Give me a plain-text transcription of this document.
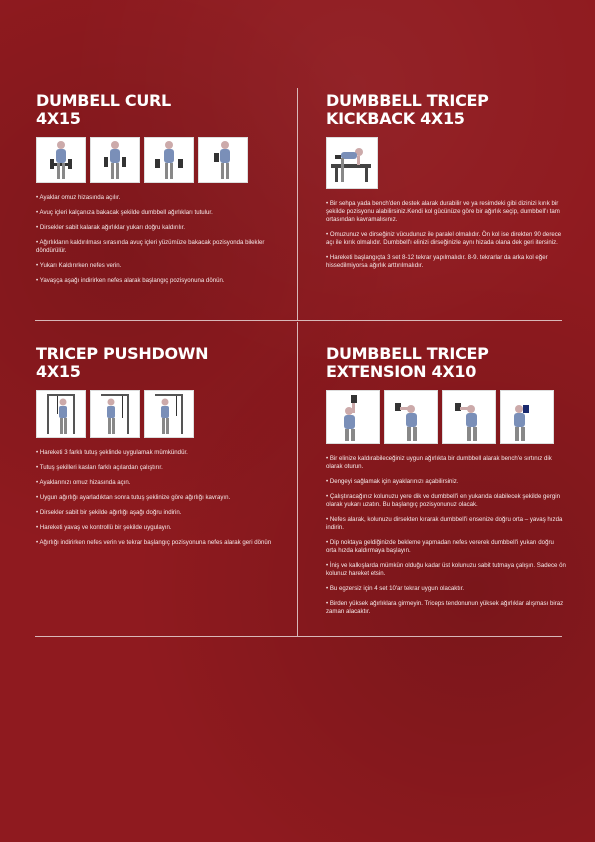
DUMBELL CURL
4X15
• Ayaklar omuz hizasında açılır.
• Avuç içleri kalçanıza bakacak şekilde dumbbell ağırlıkları tutulur.
• Dirsekler sabit kalarak ağırlıklar yukarı doğru kaldırılır.
• Ağırlıkların kaldırılması sırasında avuç içleri yüzümüze bakacak pozisyonda bilekler döndürülür.
• Yukarı Kaldırırken nefes verin.
• Yavaşça aşağı indirirken nefes alarak başlangıç pozisyonuna dönün.
DUMBBELL TRICEP
KICKBACK 4X15
• Bir sehpa yada bench'den destek alarak durabilir ve ya resimdeki gibi dizinizi kırık bir şekilde pozisyonu alabilirsiniz.Kendi kol gücünüze göre bir ağırlık seçip, dumbbell'ı tam ortasından kavramalısınız.
• Omuzunuz ve dirseğiniz vücudunuz ile paralel olmalıdır. Ön kol ise direkten 90 derece açı ile kırık olmalıdır. Dumbbell'ı elinizi dirseğinizle aynı hizada olana dek geri itersiniz.
• Hareketi başlangıçta 3 set 8-12 tekrar yapılmalıdır. 8-9. tekrarlar da arka kol eğer hissedilmiyorsa ağırlık arttırılmalıdır.
TRICEP PUSHDOWN
4X15
• Hareketi 3 farklı tutuş şeklinde uygulamak mümkündür.
• Tutuş şekilleri kasları farklı açılardan çalıştırır.
• Ayaklarınızı omuz hizasında açın.
• Uygun ağırlığı ayarladıktan sonra tutuş şeklinize göre ağırlığı kavrayın.
• Dirsekler sabit bir şekilde ağırlığı aşağı doğru indirin.
• Hareketi yavaş ve kontrollü bir şekilde uygulayın.
• Ağırlığı indirirken nefes verin ve tekrar başlangıç pozisyonuna nefes alarak geri dönün
DUMBBELL TRICEP
EXTENSION 4X10
• Bir elinize kaldırabileceğiniz uygun ağırlıkta bir dumbbell alarak bench'e sırtınız dik olarak oturun.
• Dengeyi sağlamak için ayaklarınızı açabilirsiniz.
• Çalıştıracağınız kolunuzu yere dik ve dumbbell'i en yukarıda olabilecek şekilde gergin olarak yukarı uzatın. Bu başlangıç pozisyonunuz olacak.
• Nefes alarak, kolunuzu dirsekten kırarak dumbbell'i ensenize doğru orta – yavaş hızda indirin.
• Dip noktaya geldiğinizde bekleme yapmadan nefes vererek dumbbell'i yukarı doğru orta hızda kaldırmaya başlayın.
• İniş ve kalkışlarda mümkün olduğu kadar üst kolunuzu sabit tutmaya çalışın. Sadece ön kolunuz hareket etsin.
• Bu egzersiz için 4 set 10'ar tekrar uygun olacaktır.
• Birden yüksek ağırlıklara girmeyin. Triceps tendonunun yüksek ağırlıklar alışması biraz zaman alacaktır.
